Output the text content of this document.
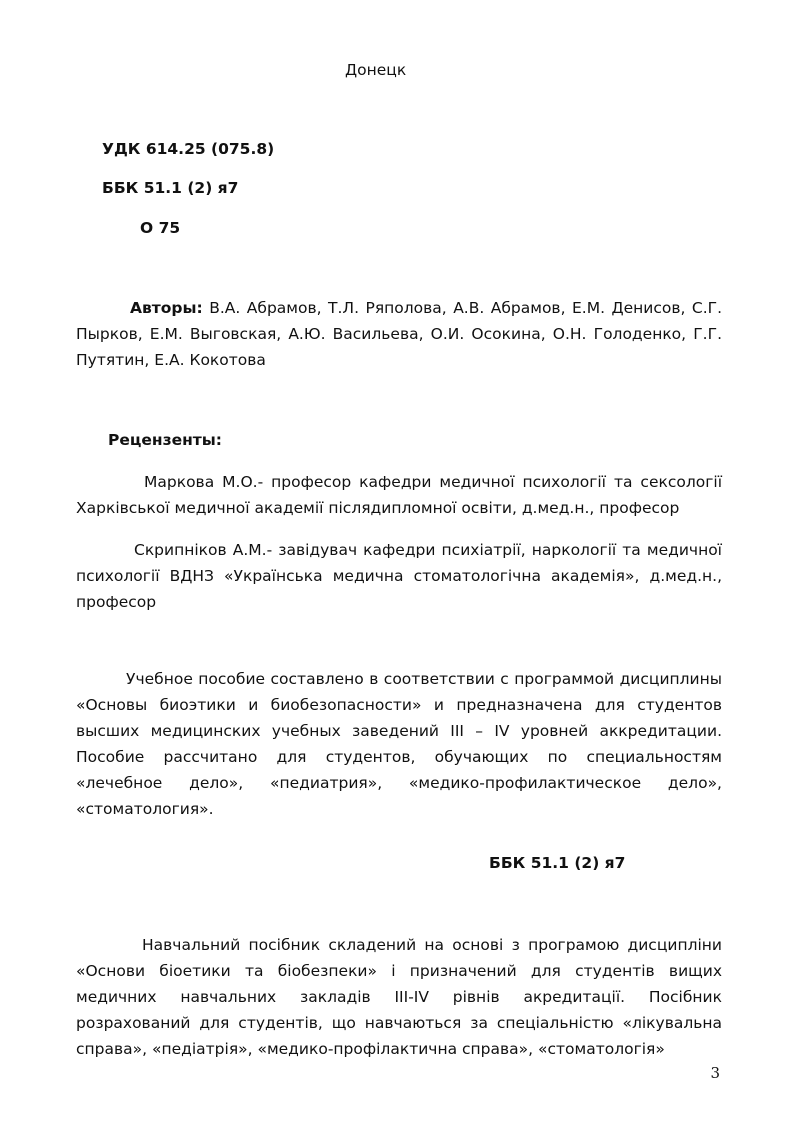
Донецк
УДК 614.25 (075.8)
ББК 51.1 (2) я7
О 75
Авторы: В.А. Абрамов, Т.Л. Ряполова, А.В. Абрамов, Е.М. Денисов, С.Г. Пырков, Е.М. Выговская, А.Ю. Васильева, О.И. Осокина, О.Н. Голоденко, Г.Г. Путятин, Е.А. Кокотова
Рецензенты:
Маркова М.О.- професор кафедри медичної психології та сексології Харківської медичної академії післядипломної освіти, д.мед.н., професор
Скрипніков А.М.- завідувач кафедри психіатрії, наркології та медичної психології ВДНЗ «Українська медична стоматологічна академія», д.мед.н., професор
Учебное пособие составлено в соответствии с программой дисциплины «Основы биоэтики и биобезопасности» и предназначена для студентов высших медицинских учебных заведений III – IV уровней аккредитации. Пособие рассчитано для студентов, обучающих по специальностям «лечебное дело», «педиатрия», «медико-профилактическое дело», «стоматология».
ББК 51.1 (2) я7
Навчальний посібник складений на основі з програмою дисципліни «Основи біоетики та біобезпеки» і призначений для студентів вищих медичних навчальних закладів III-IV рівнів акредитації. Посібник розрахований для студентів, що навчаються за спеціальністю «лікувальна справа», «педіатрія», «медико-профілактична справа», «стоматологія»
3
